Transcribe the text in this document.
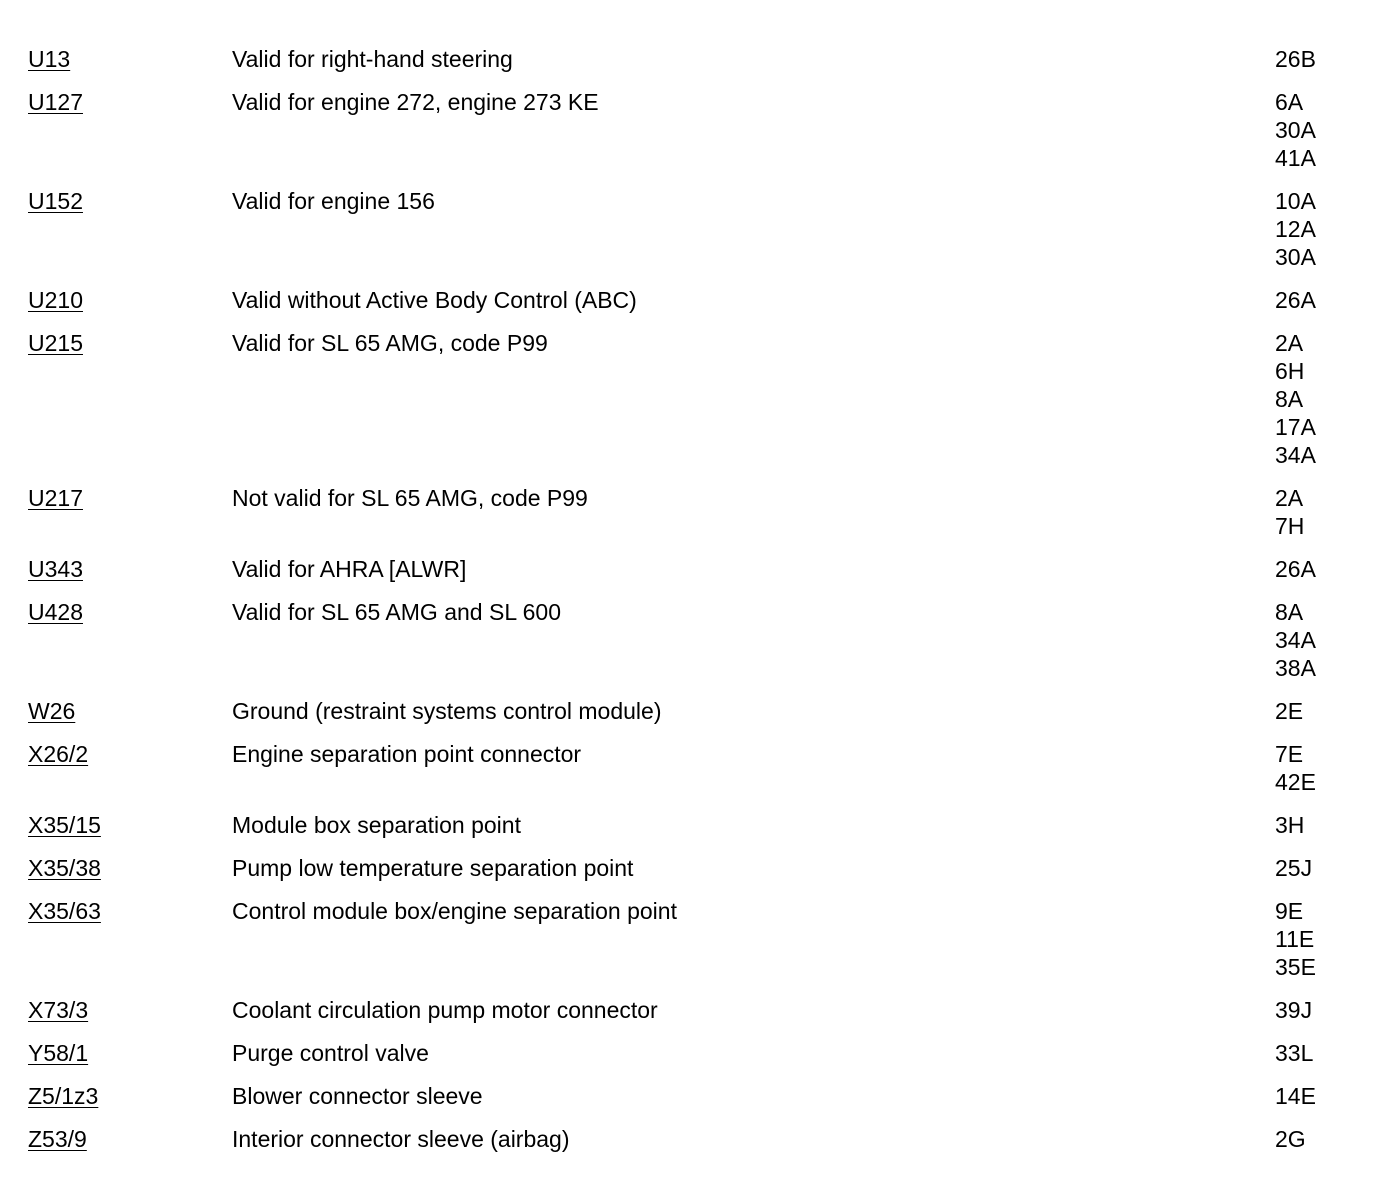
U13	Valid for right-hand steering	26B
U127	Valid for engine 272, engine 273 KE	6A
30A
41A
U152	Valid for engine 156	10A
12A
30A
U210	Valid without Active Body Control (ABC)	26A
U215	Valid for SL 65 AMG, code P99	2A
6H
8A
17A
34A
U217	Not valid for SL 65 AMG, code P99	2A
7H
U343	Valid for AHRA [ALWR]	26A
U428	Valid for SL 65 AMG and SL 600	8A
34A
38A
W26	Ground (restraint systems control module)	2E
X26/2	Engine separation point connector	7E
42E
X35/15	Module box separation point	3H
X35/38	Pump low temperature separation point	25J
X35/63	Control module box/engine separation point	9E
11E
35E
X73/3	Coolant circulation pump motor connector	39J
Y58/1	Purge control valve	33L
Z5/1z3	Blower connector sleeve	14E
Z53/9	Interior connector sleeve (airbag)	2G
